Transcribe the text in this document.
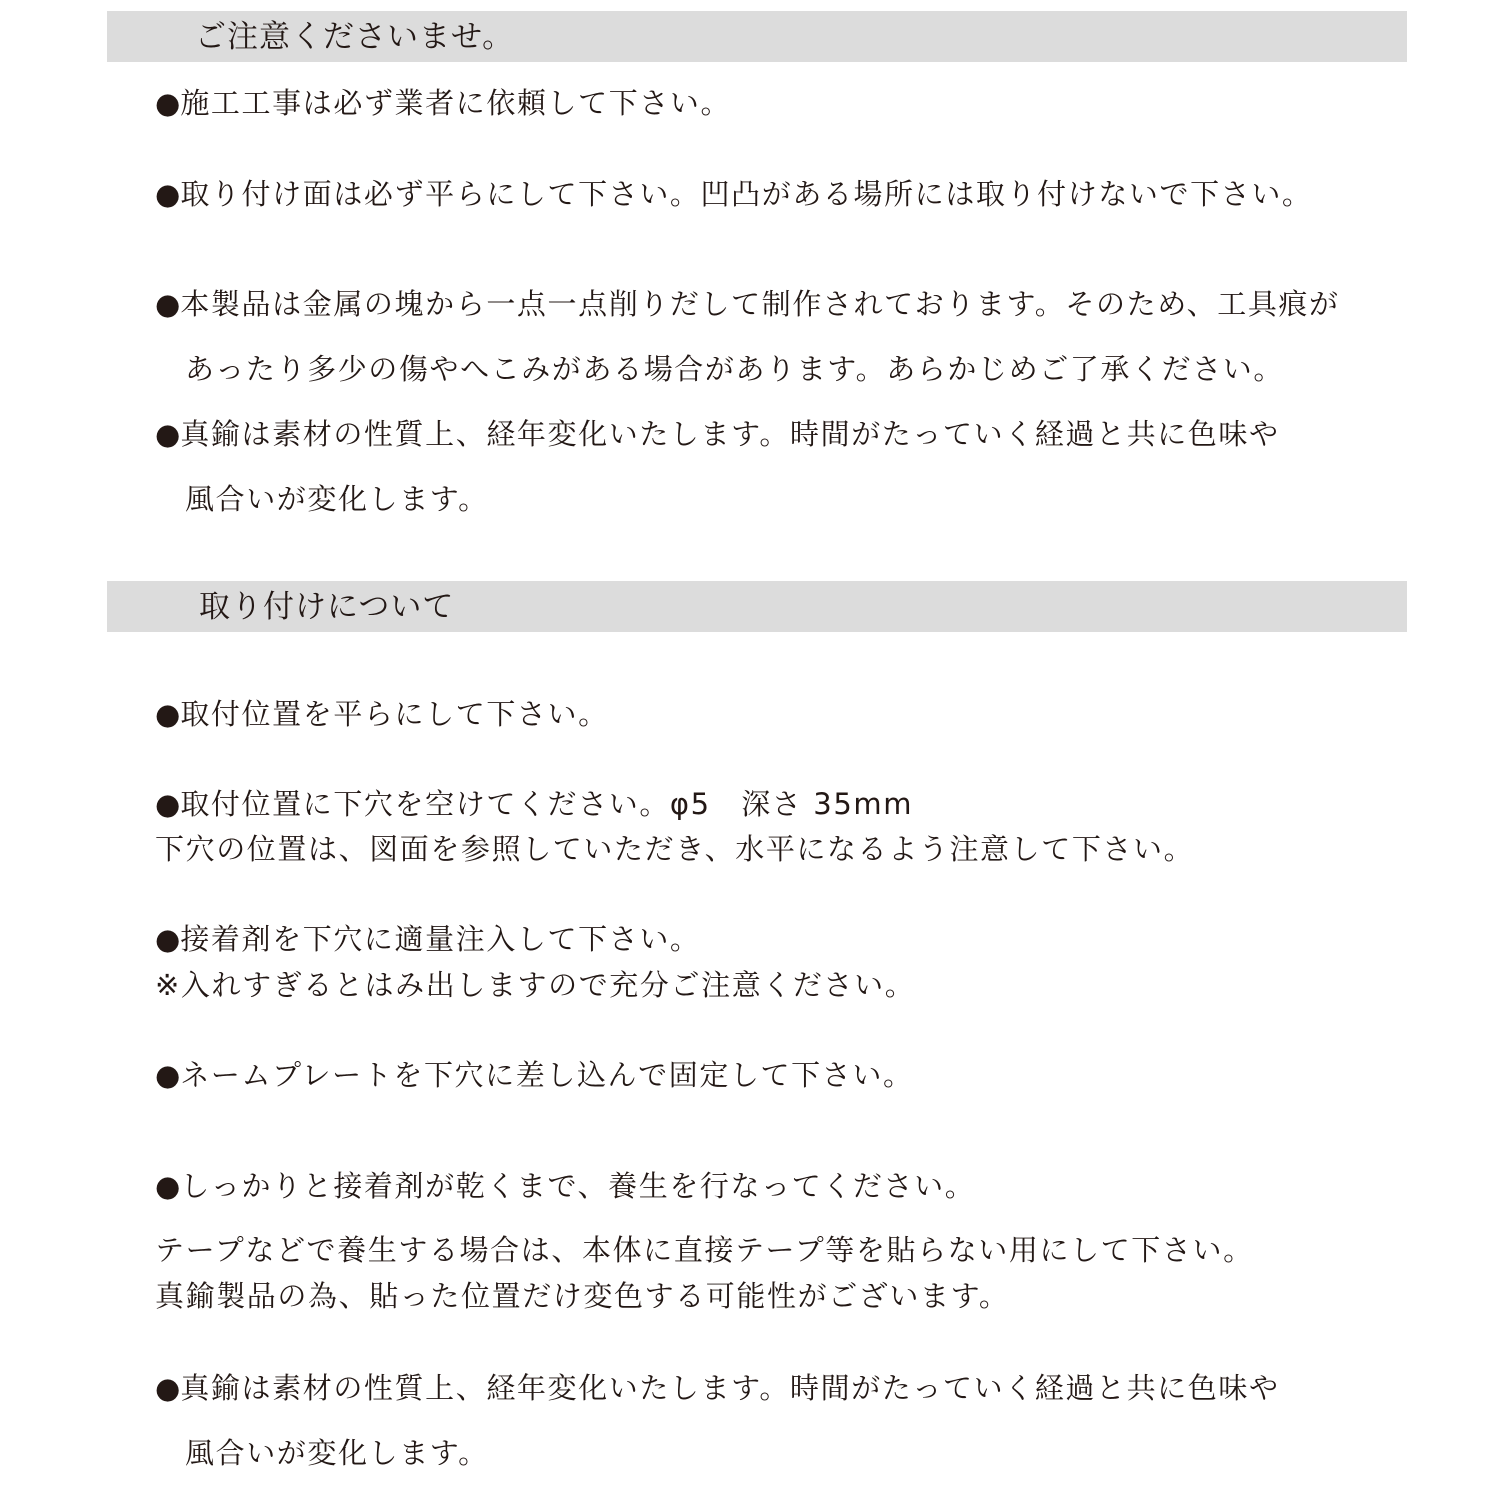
ご注意くださいませ。
● 施工工事は必ず業者に依頼して下さい。
● 取り付け面は必ず平らにして下さい。凹凸がある場所には取り付けないで下さい。
● 本製品は金属の塊から一点一点削りだして制作されております。そのため、工具痕が
あったり多少の傷やへこみがある場合があります。あらかじめご了承ください。
● 真鍮は素材の性質上、経年変化いたします。時間がたっていく経過と共に色味や
風合いが変化します。
取り付けについて
● 取付位置を平らにして下さい。
● 取付位置に下穴を空けてください。φ5　深さ 35mm
下穴の位置は、図面を参照していただき、水平になるよう注意して下さい。
● 接着剤を下穴に適量注入して下さい。
※入れすぎるとはみ出しますので充分ご注意ください。
● ネームプレートを下穴に差し込んで固定して下さい。
● しっかりと接着剤が乾くまで、養生を行なってください。
テープなどで養生する場合は、本体に直接テープ等を貼らない用にして下さい。
真鍮製品の為、貼った位置だけ変色する可能性がございます。
● 真鍮は素材の性質上、経年変化いたします。時間がたっていく経過と共に色味や
風合いが変化します。
